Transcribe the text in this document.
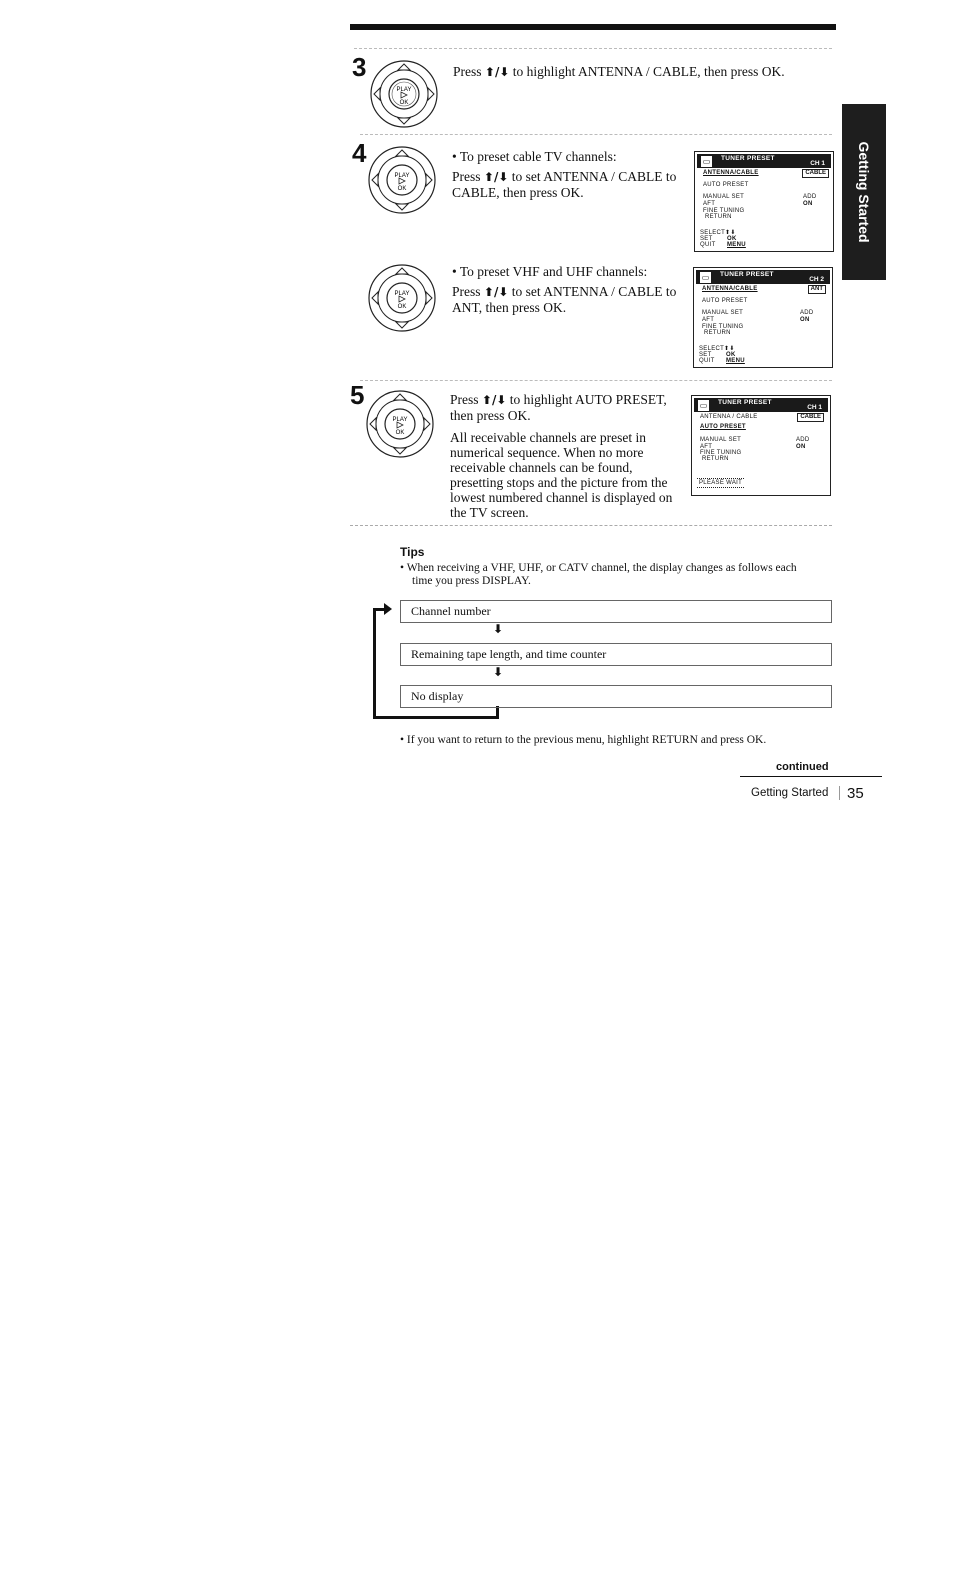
Getting Started
3
PLAY
OK
Press ⬆/⬇ to highlight ANTENNA / CABLE, then press OK.
4
PLAY
OK
• To preset cable TV channels:
Press ⬆/⬇ to set ANTENNA / CABLE to
CABLE, then press OK.
▭	TUNER PRESET
CH 1
ANTENNA/CABLE	CABLE
AUTO PRESET
MANUAL SET
AFT
FINE TUNING
RETURN
ADD
ON
SELECT
SET
QUIT
⬆⬇
OK
MENU
PLAY
OK
• To preset VHF and UHF channels:
Press ⬆/⬇ to set ANTENNA / CABLE to
ANT, then press OK.
▭	TUNER PRESET
CH 2
ANTENNA/CABLE	ANT
AUTO PRESET
MANUAL SET
AFT
FINE TUNING
RETURN
ADD
ON
SELECT
SET
QUIT
⬆⬇
OK
MENU
5
PLAY
OK
Press ⬆/⬇ to highlight AUTO PRESET,
then press OK.
All receivable channels are preset in
numerical sequence. When no more
receivable channels can be found,
presetting stops and the picture from the
lowest numbered channel is displayed on
the TV screen.
▭	TUNER PRESET
CH 1
ANTENNA / CABLE	CABLE
AUTO PRESET
MANUAL SET
AFT
FINE TUNING
RETURN
ADD
ON
PLEASE WAIT
Tips
• When receiving a VHF, UHF, or CATV channel, the display changes as follows each
time you press DISPLAY.
Channel number
⬇
Remaining tape length, and time counter
⬇
No display
• If you want to return to the previous menu, highlight RETURN and press OK.
continued
Getting Started 35
